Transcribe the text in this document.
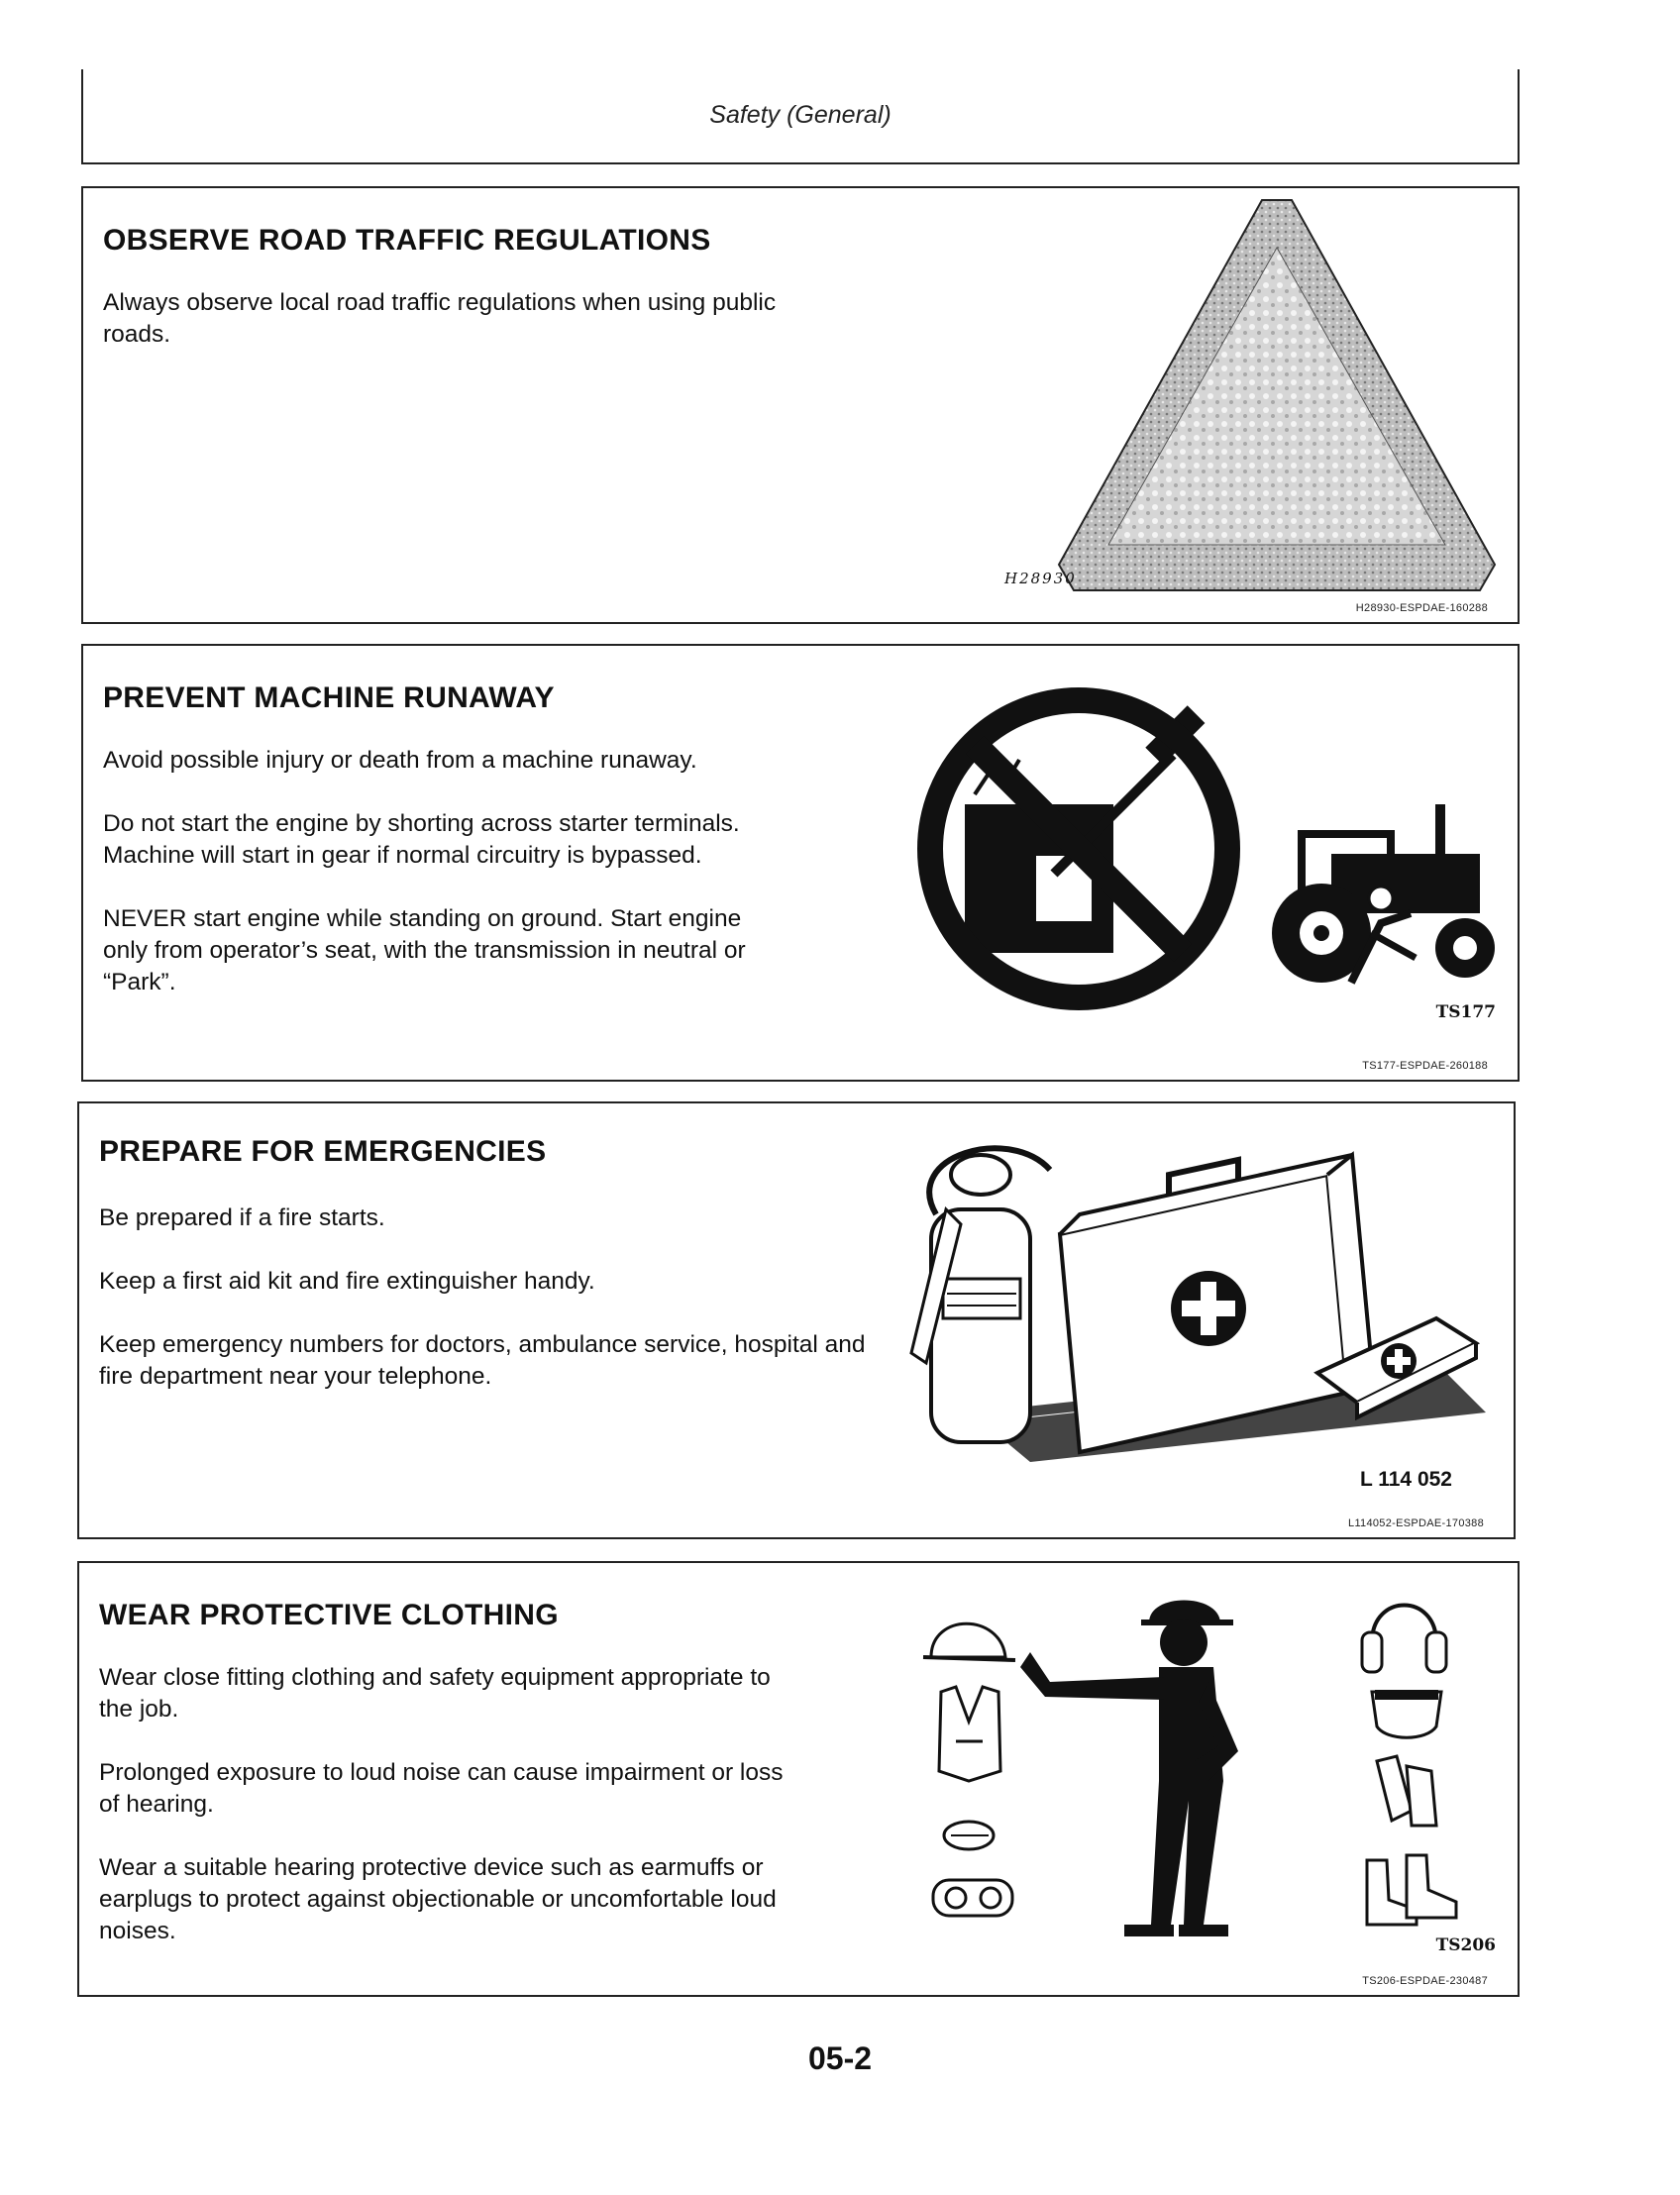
Safety (General)
OBSERVE ROAD TRAFFIC REGULATIONS

Always observe local road traffic regulations when using public roads.

H28930
H28930-ESPDAE-160288
PREVENT MACHINE RUNAWAY

Avoid possible injury or death from a machine runaway.

Do not start the engine by shorting across starter terminals. Machine will start in gear if normal circuitry is bypassed.

NEVER start engine while standing on ground. Start engine only from operator’s seat, with the transmission in neutral or “Park”.

TS177
TS177-ESPDAE-260188
PREPARE FOR EMERGENCIES

Be prepared if a fire starts.

Keep a first aid kit and fire extinguisher handy.

Keep emergency numbers for doctors, ambulance service, hospital and fire department near your telephone.

L 114 052
L114052-ESPDAE-170388
WEAR PROTECTIVE CLOTHING

Wear close fitting clothing and safety equipment appropriate to the job.

Prolonged exposure to loud noise can cause impairment or loss of hearing.

Wear a suitable hearing protective device such as earmuffs or earplugs to protect against objectionable or uncomfortable loud noises.

TS206
TS206-ESPDAE-230487
05-2
